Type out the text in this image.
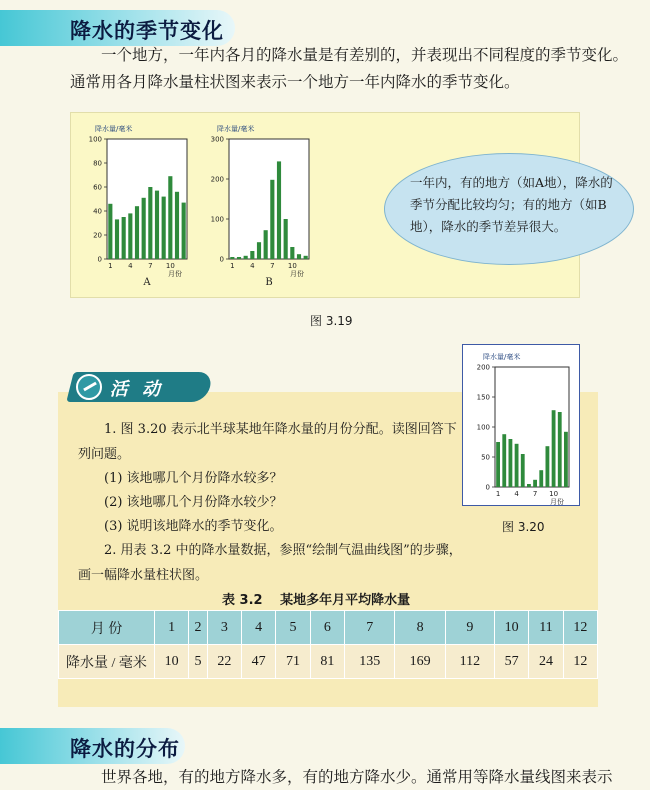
降水的季节变化

一个地方，一年内各月的降水量是有差别的，并表现出不同程度的季节变化。通常用各月降水量柱状图来表示一个地方一年内降水的季节变化。

降水量/毫米
0
20
40
60
80
100
1 4 7 10
月份
A
降水量/毫米
0
100
200
300
1 4 7 10
月份
B

一年内，有的地方（如A地），降水的季节分配比较均匀；有的地方（如B地），降水的季节差异很大。

图 3.19
活 动

1. 图 3.20 表示北半球某地年降水量的月份分配。读图回答下列问题。

(1) 该地哪几个月份降水较多？

(2) 该地哪几个月份降水较少？

(3) 说明该地降水的季节变化。

2. 用表 3.2 中的降水量数据，参照“绘制气温曲线图”的步骤，画一幅降水量柱状图。

降水量/毫米
0
50
100
150
200
1 4 7 10
月份
图 3.20
表 3.2　 某地多年月平均降水量
月 份	1	2	3	4	5	6	7	8	9	10	11	12
降水量 / 毫米	10	5	22	47	71	81	135	169	112	57	24	12
降水的分布

世界各地，有的地方降水多，有的地方降水少。通常用等降水量线图来表示
